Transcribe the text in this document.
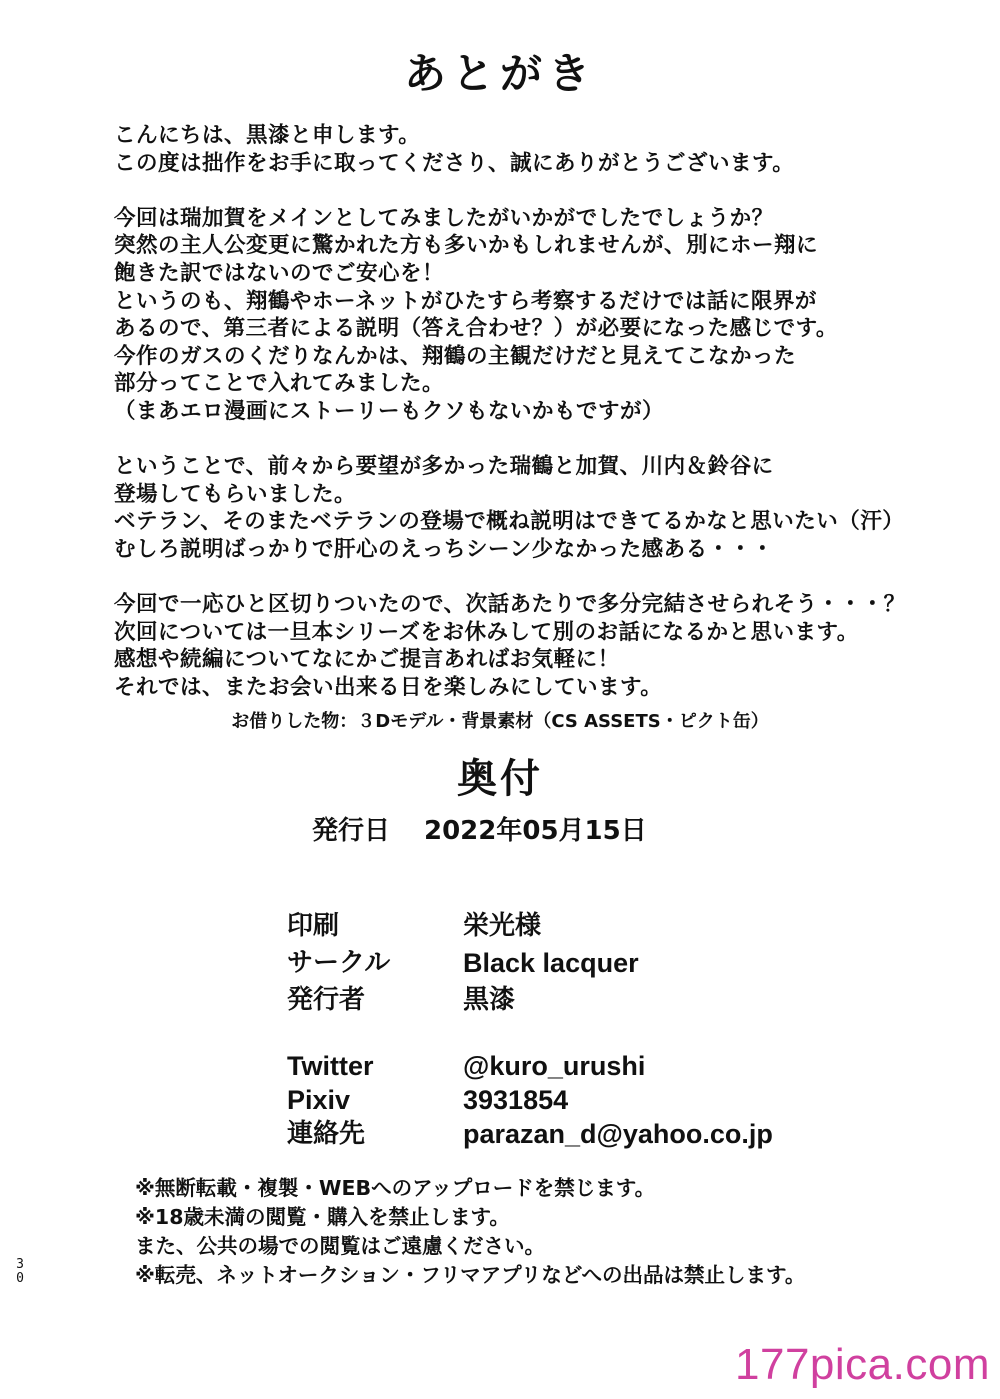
あとがき
こんにちは、黒漆と申します。
この度は拙作をお手に取ってくださり、誠にありがとうございます。
今回は瑞加賀をメインとしてみましたがいかがでしたでしょうか？
突然の主人公変更に驚かれた方も多いかもしれませんが、別にホー翔に
飽きた訳ではないのでご安心を！
というのも、翔鶴やホーネットがひたすら考察するだけでは話に限界が
あるので、第三者による説明（答え合わせ？）が必要になった感じです。
今作のガスのくだりなんかは、翔鶴の主観だけだと見えてこなかった
部分ってことで入れてみました。
（まあエロ漫画にストーリーもクソもないかもですが）
ということで、前々から要望が多かった瑞鶴と加賀、川内＆鈴谷に
登場してもらいました。
ベテラン、そのまたベテランの登場で概ね説明はできてるかなと思いたい（汗）
むしろ説明ばっかりで肝心のえっちシーン少なかった感ある・・・
今回で一応ひと区切りついたので、次話あたりで多分完結させられそう・・・？
次回については一旦本シリーズをお休みして別のお話になるかと思います。
感想や続編についてなにかご提言あればお気軽に！
それでは、またお会い出来る日を楽しみにしています。
お借りした物：３Dモデル・背景素材（CS ASSETS・ピクト缶）
奥付
発行日 2022年05月15日
印刷	栄光様
サークル	Black lacquer
発行者	黒漆
Twitter	@kuro_urushi
Pixiv	3931854
連絡先	parazan_d@yahoo.co.jp
※無断転載・複製・WEBへのアップロードを禁じます。
※18歳未満の閲覧・購入を禁止します。
また、公共の場での閲覧はご遠慮ください。
※転売、ネットオークション・フリマアプリなどへの出品は禁止します。
3
0
177pica.com
